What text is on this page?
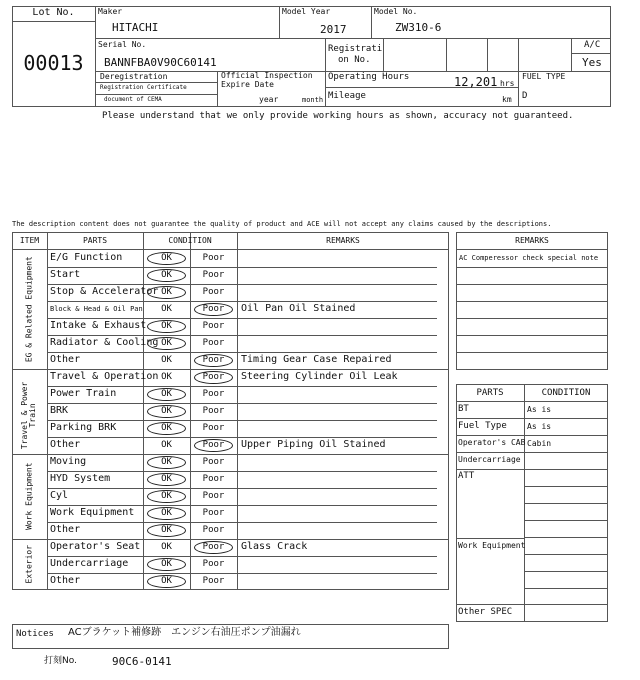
Lot No.
00013
Maker
HITACHI
Model Year
2017
Model No.
ZW310-6
Serial No.
BANNFBA0V90C60141
Registrati
on No.
A/C
Yes
Deregistration
Registration Certificate
document of CEMA
Official Inspection
Expire Date
year	month
Operating Hours	12,201 hrs
Mileage	km
FUEL TYPE
D
Please understand that we only provide working hours as shown, accuracy not guaranteed.
The description content does not guarantee the quality of product and ACE will not accept any claims caused by the descriptions.
ITEM	PARTS	CONDITION	REMARKS
E/G Function	OK	Poor
Start	OK	Poor
Stop & Accelerator OK	Poor
Block & Head & Oil Pan	OK	Poor	Oil Pan Oil Stained
Intake & Exhaust	OK	Poor
Radiator & Cooling OK	Poor
Other	OK	Poor	Timing Gear Case Repaired
EG & Related Equipment
Travel & Operation OK	Poor	Steering Cylinder Oil Leak
Power Train	OK	Poor
BRK	OK	Poor
Parking BRK	OK	Poor
Other	OK	Poor	Upper Piping Oil Stained
Travel & Power Train
Moving	OK	Poor
HYD System	OK	Poor
Cyl	OK	Poor
Work Equipment	OK	Poor
Other	OK	Poor
Work Equipment
Operator's Seat	OK	Poor	Glass Crack
Undercarriage	OK	Poor
Other	OK	Poor
Exterior
REMARKS
AC Comperessor check special note
PARTS	CONDITION
BT	As is
Fuel Type	As is
Operator's CAB Cabin
Undercarriage
ATT
Work Equipment
Other SPEC
Notices ACブラケット補修跡　エンジン右油圧ポンプ油漏れ
打刻No.	90C6-0141
